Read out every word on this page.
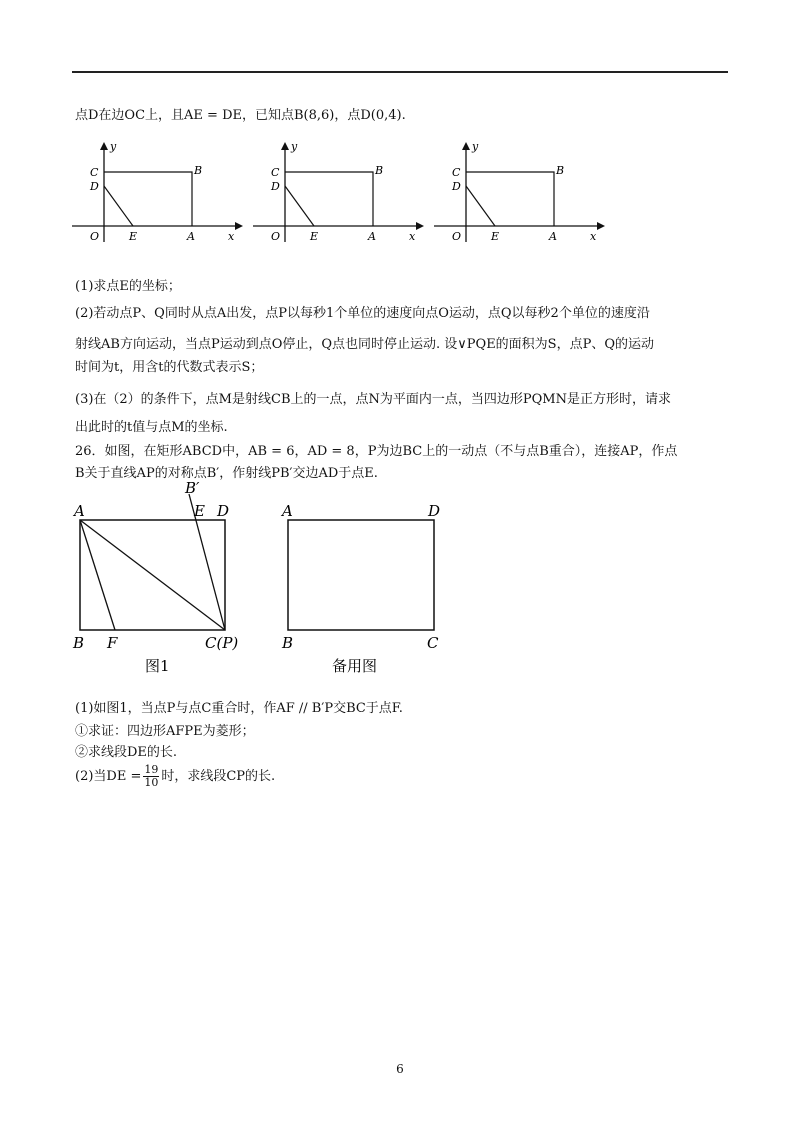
点D在边OC上，且AE = DE，已知点B(8,6)，点D(0,4).
y
C
D
B
O	E	A	x
y
C
D
B
O	E	A	x
y
C
D
B
O	E	A	x
(1)求点E的坐标；
(2)若动点P、Q同时从点A出发，点P以每秒1个单位的速度向点O运动，点Q以每秒2个单位的速度沿
射线AB方向运动，当点P运动到点O停止，Q点也同时停止运动. 设∨PQE的面积为S，点P、Q的运动
时间为t，用含t的代数式表示S；
(3)在（2）的条件下，点M是射线CB上的一点，点N为平面内一点，当四边形PQMN是正方形时，请求
出此时的t值与点M的坐标.
26．如图，在矩形ABCD中，AB = 6，AD = 8，P为边BC上的一动点（不与点B重合），连接AP，作点
B关于直线AP的对称点B′，作射线PB′交边AD于点E.
B′
A	E D
B F	C(P)
图1
A	D
B	C
备用图
(1)如图1，当点P与点C重合时，作AF // B′P交BC于点F.
①求证：四边形AFPE为菱形；
②求线段DE的长.
(2)当DE = $\frac{19}{10}$ 时，求线段CP的长.
6
